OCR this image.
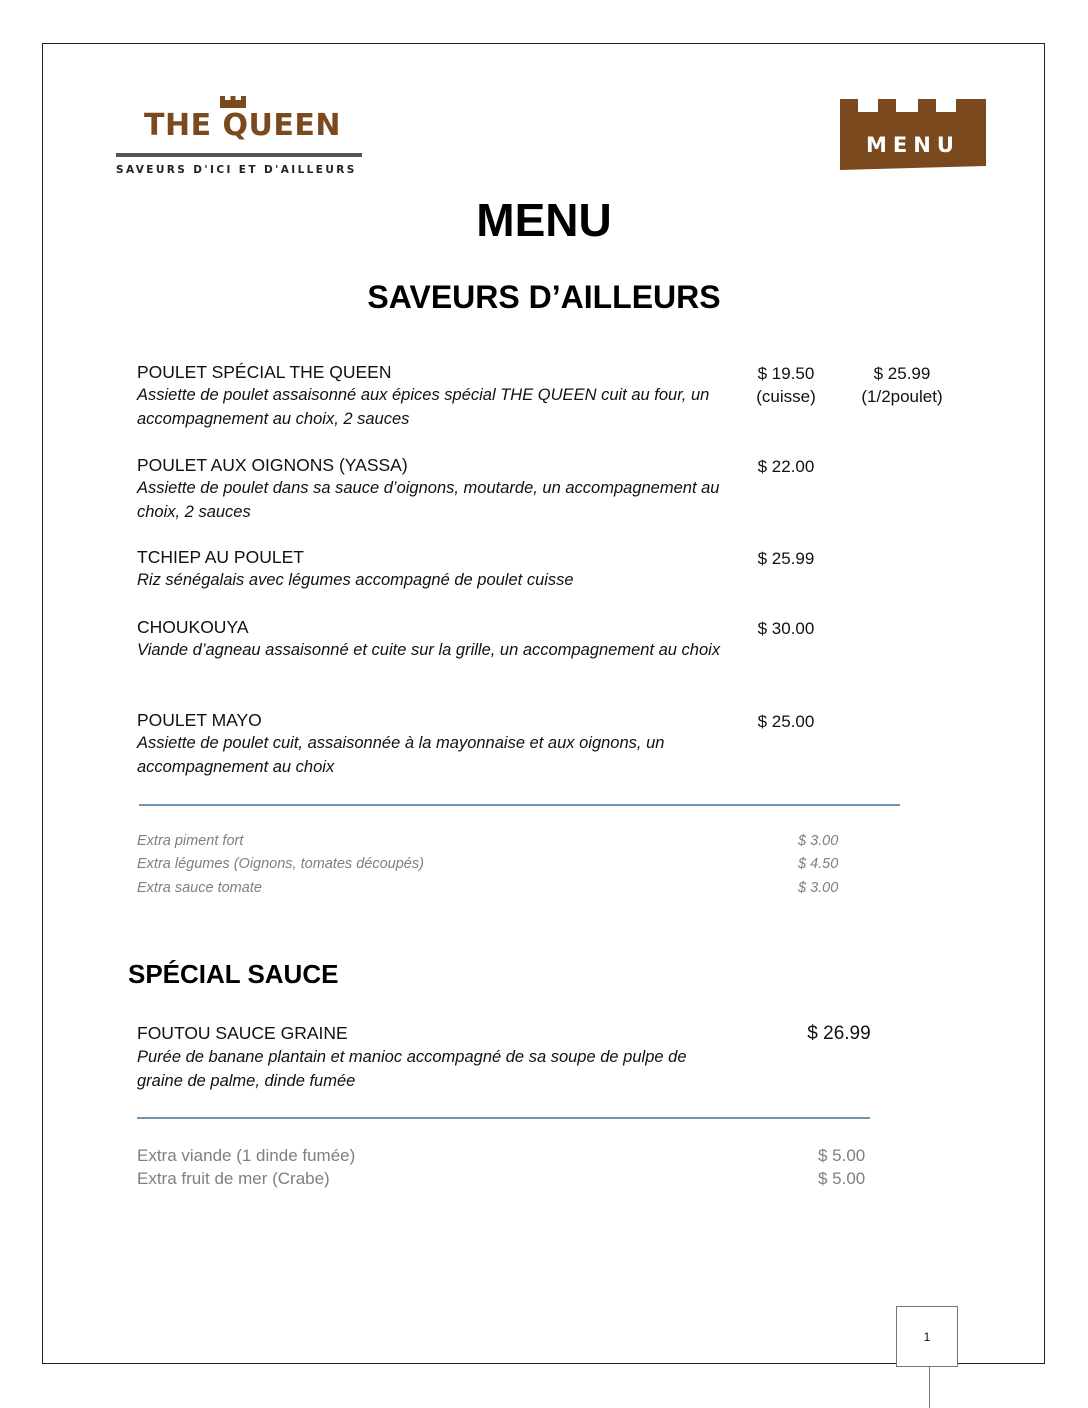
THE QUEEN
SAVEURS D'ICI ET D'AILLEURS
MENU
MENU
SAVEURS D’AILLEURS
POULET SPÉCIAL THE QUEEN
Assiette de poulet assaisonné aux épices spécial THE QUEEN cuit au four, un accompagnement au choix, 2 sauces
$ 19.50
(cuisse)
$ 25.99
(1/2poulet)
POULET AUX OIGNONS (YASSA)
Assiette de poulet dans sa sauce d’oignons, moutarde, un accompagnement au choix, 2 sauces
$ 22.00
TCHIEP AU POULET
Riz sénégalais avec légumes accompagné de poulet cuisse
$ 25.99
CHOUKOUYA
Viande d’agneau assaisonné et cuite sur la grille, un accompagnement au choix
$ 30.00
POULET MAYO
Assiette de poulet cuit, assaisonnée à la mayonnaise et aux oignons, un accompagnement au choix
$ 25.00
Extra piment fort	$ 3.00
Extra légumes (Oignons, tomates découpés)	$ 4.50
Extra sauce tomate	$ 3.00
SPÉCIAL SAUCE
FOUTOU SAUCE GRAINE
Purée de banane plantain et manioc accompagné de sa soupe de pulpe de graine de palme, dinde fumée
$ 26.99
Extra viande (1 dinde fumée)	$ 5.00
Extra fruit de mer (Crabe)	$ 5.00
1
